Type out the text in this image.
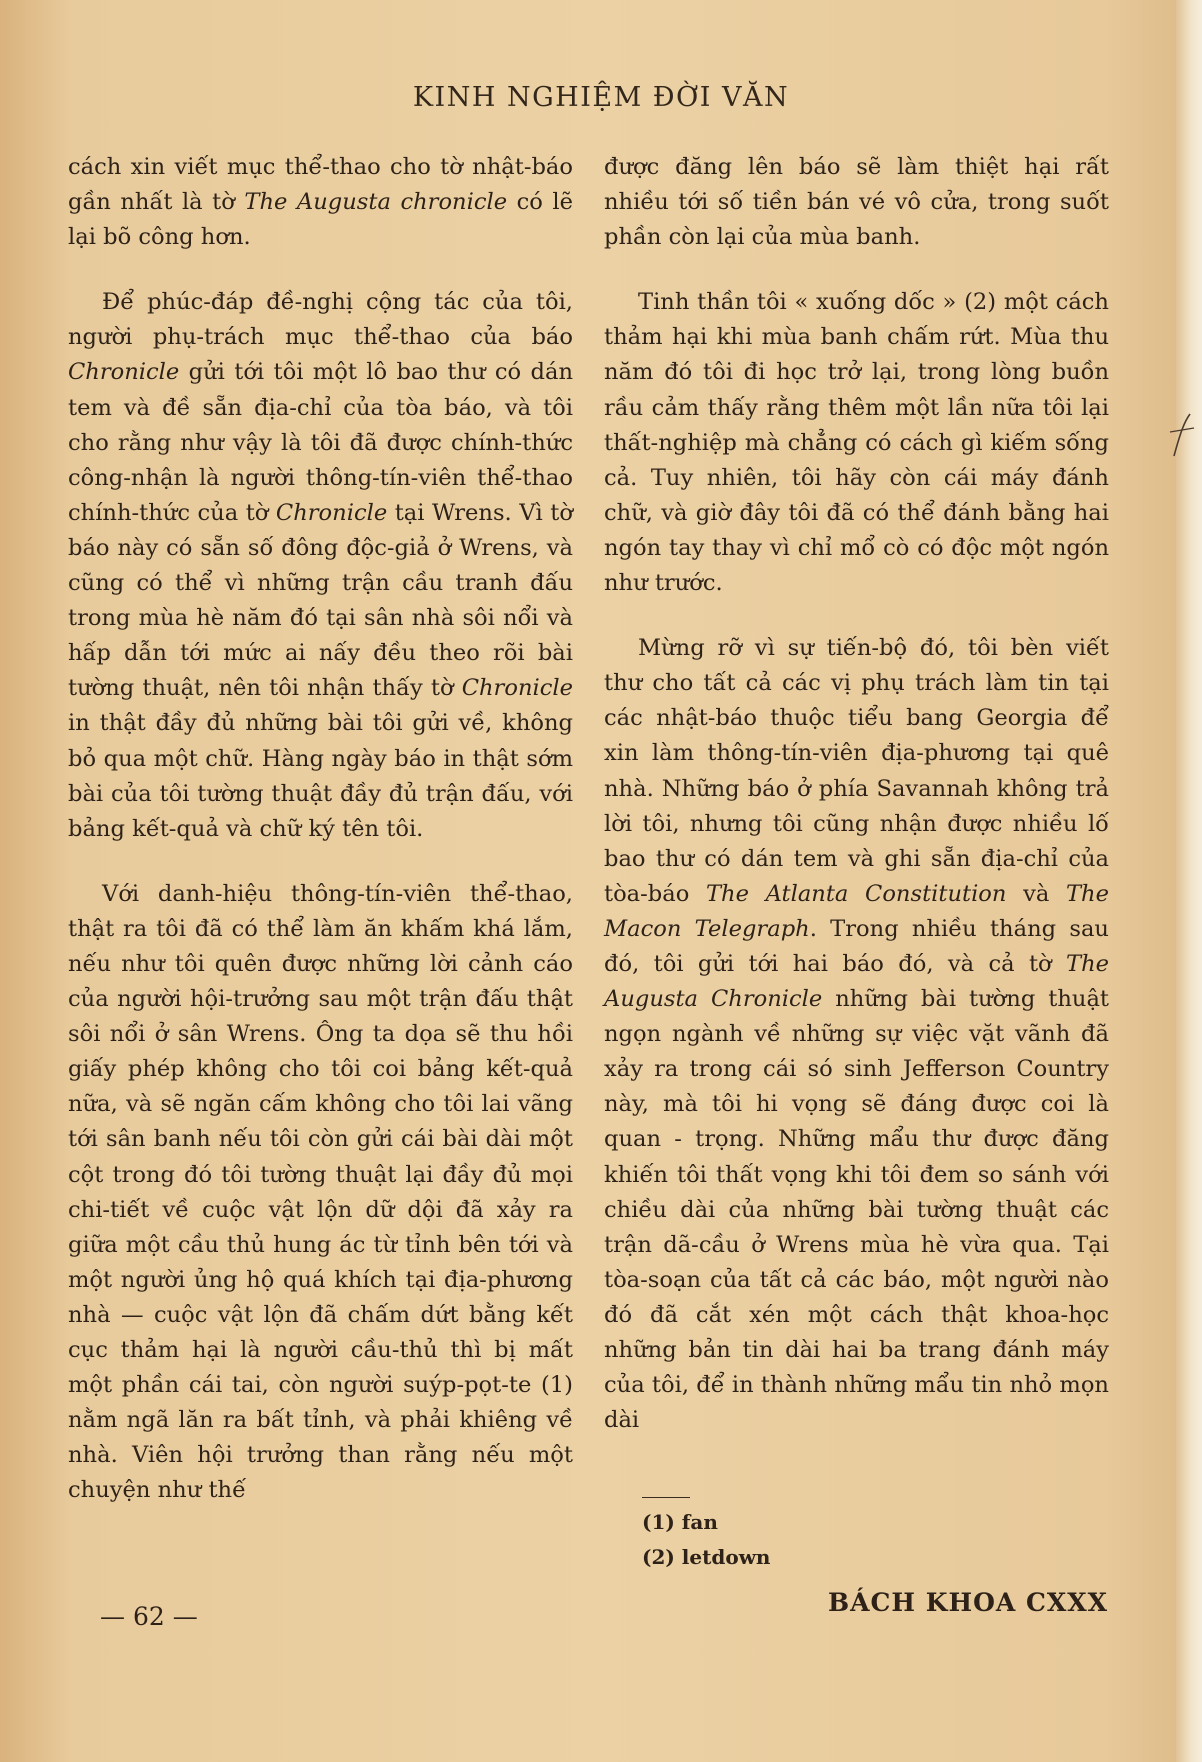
KINH NGHIỆM ĐỜI VĂN

cách xin viết mục thể-thao cho tờ nhật-báo gần nhất là tờ The Augusta chronicle có lẽ lại bõ công hơn.

Để phúc-đáp đề-nghị cộng tác của tôi, người phụ-trách mục thể-thao của báo Chronicle gửi tới tôi một lô bao thư có dán tem và đề sẵn địa-chỉ của tòa báo, và tôi cho rằng như vậy là tôi đã được chính-thức công-nhận là người thông-tín-viên thể-thao chính-thức của tờ Chronicle tại Wrens. Vì tờ báo này có sẵn số đông độc-giả ở Wrens, và cũng có thể vì những trận cầu tranh đấu trong mùa hè năm đó tại sân nhà sôi nổi và hấp dẫn tới mức ai nấy đều theo rõi bài tường thuật, nên tôi nhận thấy tờ Chronicle in thật đầy đủ những bài tôi gửi về, không bỏ qua một chữ. Hàng ngày báo in thật sớm bài của tôi tường thuật đầy đủ trận đấu, với bảng kết-quả và chữ ký tên tôi.

Với danh-hiệu thông-tín-viên thể-thao, thật ra tôi đã có thể làm ăn khấm khá lắm, nếu như tôi quên được những lời cảnh cáo của người hội-trưởng sau một trận đấu thật sôi nổi ở sân Wrens. Ông ta dọa sẽ thu hồi giấy phép không cho tôi coi bảng kết-quả nữa, và sẽ ngăn cấm không cho tôi lai vãng tới sân banh nếu tôi còn gửi cái bài dài một cột trong đó tôi tường thuật lại đầy đủ mọi chi-tiết về cuộc vật lộn dữ dội đã xảy ra giữa một cầu thủ hung ác từ tỉnh bên tới và một người ủng hộ quá khích tại địa-phương nhà — cuộc vật lộn đã chấm dứt bằng kết cục thảm hại là người cầu-thủ thì bị mất một phần cái tai, còn người suýp-pọt-te (1) nằm ngã lăn ra bất tỉnh, và phải khiêng về nhà. Viên hội trưởng than rằng nếu một chuyện như thế

được đăng lên báo sẽ làm thiệt hại rất nhiều tới số tiền bán vé vô cửa, trong suốt phần còn lại của mùa banh.

Tinh thần tôi « xuống dốc » (2) một cách thảm hại khi mùa banh chấm rứt. Mùa thu năm đó tôi đi học trở lại, trong lòng buồn rầu cảm thấy rằng thêm một lần nữa tôi lại thất-nghiệp mà chẳng có cách gì kiếm sống cả. Tuy nhiên, tôi hãy còn cái máy đánh chữ, và giờ đây tôi đã có thể đánh bằng hai ngón tay thay vì chỉ mổ cò có độc một ngón như trước.

Mừng rỡ vì sự tiến-bộ đó, tôi bèn viết thư cho tất cả các vị phụ trách làm tin tại các nhật-báo thuộc tiểu bang Georgia để xin làm thông-tín-viên địa-phương tại quê nhà. Những báo ở phía Savannah không trả lời tôi, nhưng tôi cũng nhận được nhiều lố bao thư có dán tem và ghi sẵn địa-chỉ của tòa-báo The Atlanta Constitution và The Macon Telegraph. Trong nhiều tháng sau đó, tôi gửi tới hai báo đó, và cả tờ The Augusta Chronicle những bài tường thuật ngọn ngành về những sự việc vặt vãnh đã xảy ra trong cái só sinh Jefferson Country này, mà tôi hi vọng sẽ đáng được coi là quan - trọng. Những mẩu thư được đăng khiến tôi thất vọng khi tôi đem so sánh với chiều dài của những bài tường thuật các trận dã-cầu ở Wrens mùa hè vừa qua. Tại tòa-soạn của tất cả các báo, một người nào đó đã cắt xén một cách thật khoa-học những bản tin dài hai ba trang đánh máy của tôi, để in thành những mẩu tin nhỏ mọn dài

(1) fan
(2) letdown
— 62 —	BÁCH KHOA CXXX
